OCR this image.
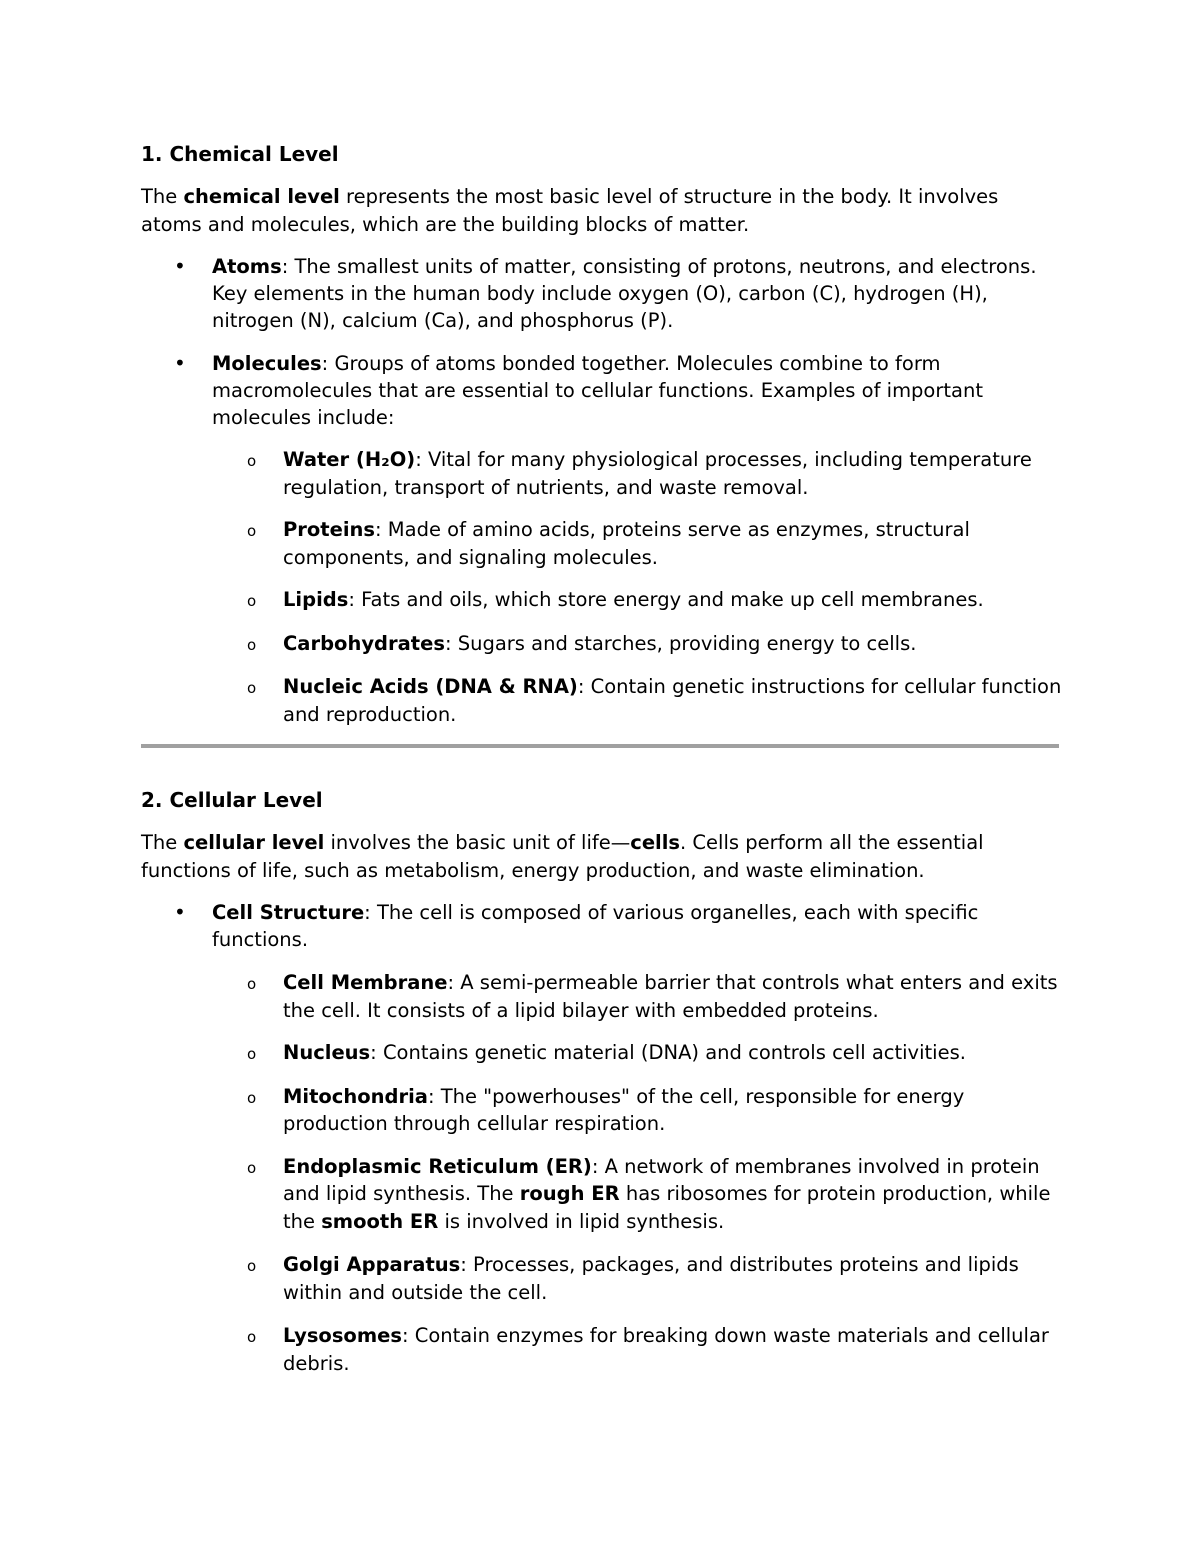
1. Chemical Level

The chemical level represents the most basic level of structure in the body. It involves atoms and molecules, which are the building blocks of matter.

• Atoms: The smallest units of matter, consisting of protons, neutrons, and electrons. Key elements in the human body include oxygen (O), carbon (C), hydrogen (H), nitrogen (N), calcium (Ca), and phosphorus (P).
• Molecules: Groups of atoms bonded together. Molecules combine to form macromolecules that are essential to cellular functions. Examples of important molecules include:
o Water (H₂O): Vital for many physiological processes, including temperature regulation, transport of nutrients, and waste removal.
o Proteins: Made of amino acids, proteins serve as enzymes, structural components, and signaling molecules.
o Lipids: Fats and oils, which store energy and make up cell membranes.
o Carbohydrates: Sugars and starches, providing energy to cells.
o Nucleic Acids (DNA & RNA): Contain genetic instructions for cellular function and reproduction.
2. Cellular Level

The cellular level involves the basic unit of life—cells. Cells perform all the essential functions of life, such as metabolism, energy production, and waste elimination.

• Cell Structure: The cell is composed of various organelles, each with specific functions.
o Cell Membrane: A semi-permeable barrier that controls what enters and exits the cell. It consists of a lipid bilayer with embedded proteins.
o Nucleus: Contains genetic material (DNA) and controls cell activities.
o Mitochondria: The "powerhouses" of the cell, responsible for energy production through cellular respiration.
o Endoplasmic Reticulum (ER): A network of membranes involved in protein and lipid synthesis. The rough ER has ribosomes for protein production, while the smooth ER is involved in lipid synthesis.
o Golgi Apparatus: Processes, packages, and distributes proteins and lipids within and outside the cell.
o Lysosomes: Contain enzymes for breaking down waste materials and cellular debris.
